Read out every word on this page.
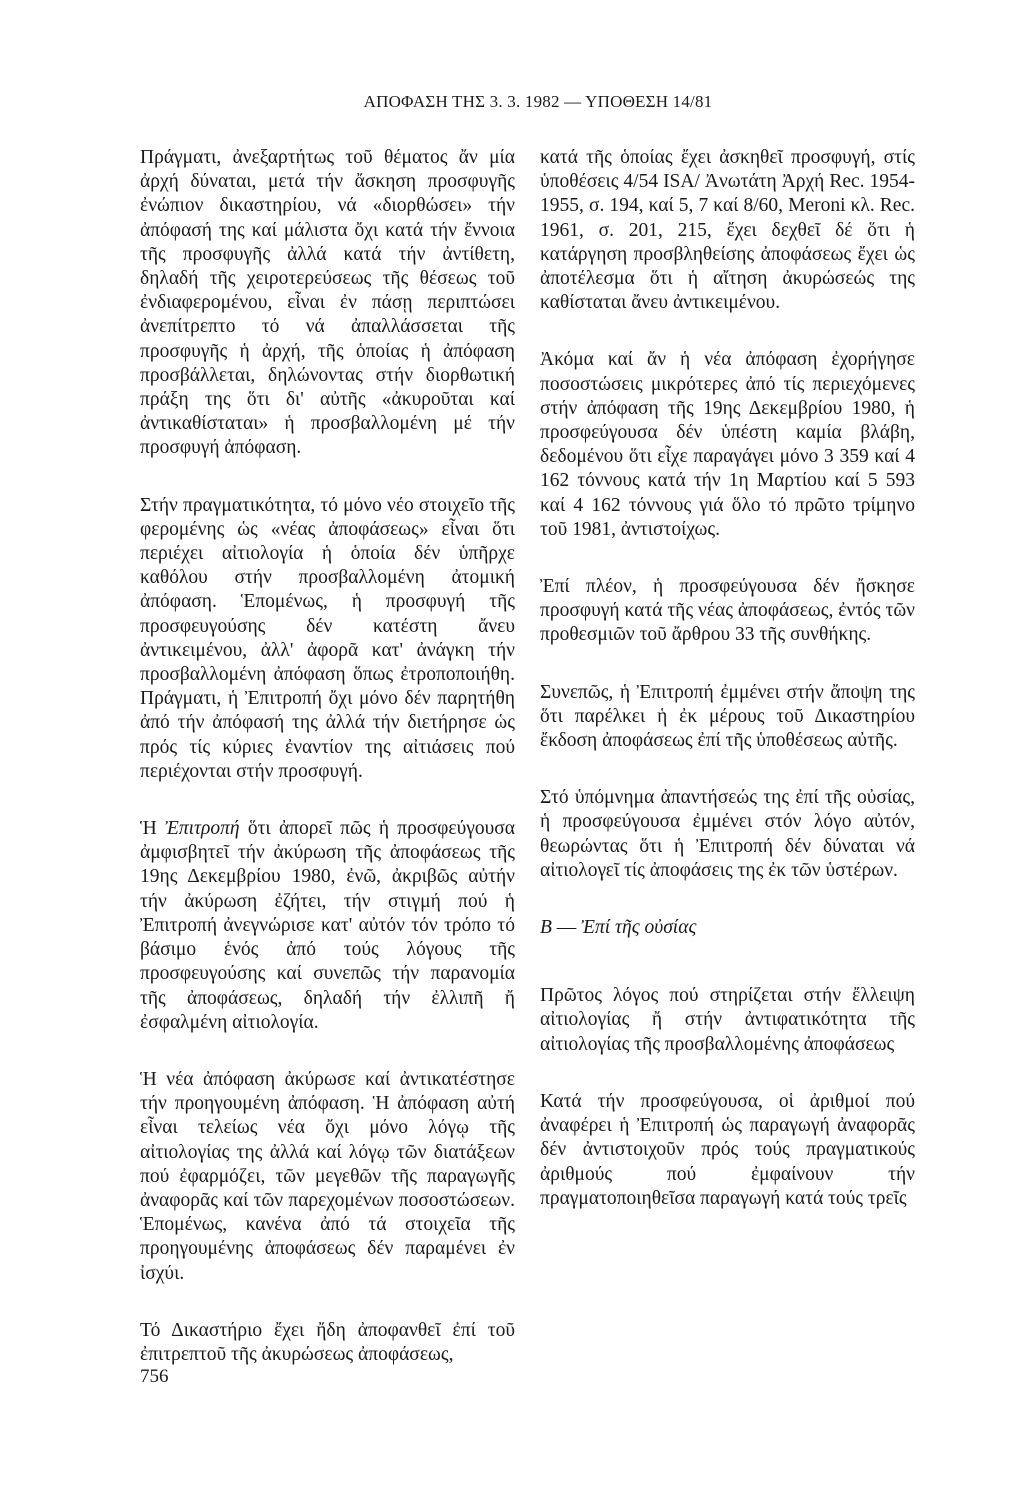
ΑΠΟΦΑΣΗ ΤΗΣ 3. 3. 1982 — ΥΠΟΘΕΣΗ 14/81

Πράγματι, ἀνεξαρτήτως τοῦ θέματος ἄν μία ἀρχή δύναται, μετά τήν ἄσκηση προσφυγῆς ἐνώπιον δικαστηρίου, νά «διορθώσει» τήν ἀπόφασή της καί μάλιστα ὄχι κατά τήν ἔννοια τῆς προσφυγῆς ἀλλά κατά τήν ἀντίθετη, δηλαδή τῆς χειροτερεύσεως τῆς θέσεως τοῦ ἐνδιαφερομένου, εἶναι ἐν πάσῃ περιπτώσει ἀνεπίτρεπτο τό νά ἀπαλλάσσεται τῆς προσφυγῆς ἡ ἀρχή, τῆς ὁποίας ἡ ἀπόφαση προσβάλλεται, δηλώνοντας στήν διορθωτική πράξη της ὅτι δι' αὐτῆς «ἀκυροῦται καί ἀντικαθίσταται» ἡ προσβαλλομένη μέ τήν προσφυγή ἀπόφαση.

Στήν πραγματικότητα, τό μόνο νέο στοιχεῖο τῆς φερομένης ὡς «νέας ἀποφάσεως» εἶναι ὅτι περιέχει αἰτιολογία ἡ ὁποία δέν ὑπῆρχε καθόλου στήν προσβαλλομένη ἀτομική ἀπόφαση. Ἑπομένως, ἡ προσφυγή τῆς προσφευγούσης δέν κατέστη ἄνευ ἀντικειμένου, ἀλλ' ἀφορᾶ κατ' ἀνάγκη τήν προσβαλλομένη ἀπόφαση ὅπως ἐτροποποιήθη. Πράγματι, ἡ Ἐπιτροπή ὄχι μόνο δέν παρητήθη ἀπό τήν ἀπόφασή της ἀλλά τήν διετήρησε ὡς πρός τίς κύριες ἐναντίον της αἰτιάσεις πού περιέχονται στήν προσφυγή.

Ἡ Ἐπιτροπή ὅτι ἀπορεῖ πῶς ἡ προσφεύγουσα ἀμφισβητεῖ τήν ἀκύρωση τῆς ἀποφάσεως τῆς 19ης Δεκεμβρίου 1980, ἐνῶ, ἀκριβῶς αὐτήν τήν ἀκύρωση ἐζήτει, τήν στιγμή πού ἡ Ἐπιτροπή ἀνεγνώρισε κατ' αὐτόν τόν τρόπο τό βάσιμο ἑνός ἀπό τούς λόγους τῆς προσφευγούσης καί συνεπῶς τήν παρανομία τῆς ἀποφάσεως, δηλαδή τήν ἐλλιπῆ ἤ ἐσφαλμένη αἰτιολογία.

Ἡ νέα ἀπόφαση ἀκύρωσε καί ἀντικατέστησε τήν προηγουμένη ἀπόφαση. Ἡ ἀπόφαση αὐτή εἶναι τελείως νέα ὄχι μόνο λόγῳ τῆς αἰτιολογίας της ἀλλά καί λόγῳ τῶν διατάξεων πού ἐφαρμόζει, τῶν μεγεθῶν τῆς παραγωγῆς ἀναφορᾶς καί τῶν παρεχομένων ποσοστώσεων. Ἑπομένως, κανένα ἀπό τά στοιχεῖα τῆς προηγουμένης ἀποφάσεως δέν παραμένει ἐν ἰσχύι.

Τό Δικαστήριο ἔχει ἤδη ἀποφανθεῖ ἐπί τοῦ ἐπιτρεπτοῦ τῆς ἀκυρώσεως ἀποφάσεως,

κατά τῆς ὁποίας ἔχει ἀσκηθεῖ προσφυγή, στίς ὑποθέσεις 4/54 ISA/ Ἀνωτάτη Ἀρχή Rec. 1954-1955, σ. 194, καί 5, 7 καί 8/60, Meroni κλ. Rec. 1961, σ. 201, 215, ἔχει δεχθεῖ δέ ὅτι ἡ κατάργηση προσβληθείσης ἀποφάσεως ἔχει ὡς ἀποτέλεσμα ὅτι ἡ αἴτηση ἀκυρώσεώς της καθίσταται ἄνευ ἀντικειμένου.

Ἀκόμα καί ἄν ἡ νέα ἀπόφαση ἐχορήγησε ποσοστώσεις μικρότερες ἀπό τίς περιεχόμενες στήν ἀπόφαση τῆς 19ης Δεκεμβρίου 1980, ἡ προσφεύγουσα δέν ὑπέστη καμία βλάβη, δεδομένου ὅτι εἶχε παραγάγει μόνο 3 359 καί 4 162 τόννους κατά τήν 1η Μαρτίου καί 5 593 καί 4 162 τόννους γιά ὅλο τό πρῶτο τρίμηνο τοῦ 1981, ἀντιστοίχως.

Ἐπί πλέον, ἡ προσφεύγουσα δέν ἤσκησε προσφυγή κατά τῆς νέας ἀποφάσεως, ἐντός τῶν προθεσμιῶν τοῦ ἄρθρου 33 τῆς συνθήκης.

Συνεπῶς, ἡ Ἐπιτροπή ἐμμένει στήν ἄποψη της ὅτι παρέλκει ἡ ἐκ μέρους τοῦ Δικαστηρίου ἔκδοση ἀποφάσεως ἐπί τῆς ὑποθέσεως αὐτῆς.

Στό ὑπόμνημα ἀπαντήσεώς της ἐπί τῆς οὐσίας, ἡ προσφεύγουσα ἐμμένει στόν λόγο αὐτόν, θεωρώντας ὅτι ἡ Ἐπιτροπή δέν δύναται νά αἰτιολογεῖ τίς ἀποφάσεις της ἐκ τῶν ὑστέρων.

B — Ἐπί τῆς οὐσίας

Πρῶτος λόγος πού στηρίζεται στήν ἔλλειψη αἰτιολογίας ἤ στήν ἀντιφατικότητα τῆς αἰτιολογίας τῆς προσβαλλομένης ἀποφάσεως

Κατά τήν προσφεύγουσα, οἱ ἀριθμοί πού ἀναφέρει ἡ Ἐπιτροπή ὡς παραγωγή ἀναφορᾶς δέν ἀντιστοιχοῦν πρός τούς πραγματικούς ἀριθμούς πού ἐμφαίνουν τήν πραγματοποιηθεῖσα παραγωγή κατά τούς τρεῖς

756
